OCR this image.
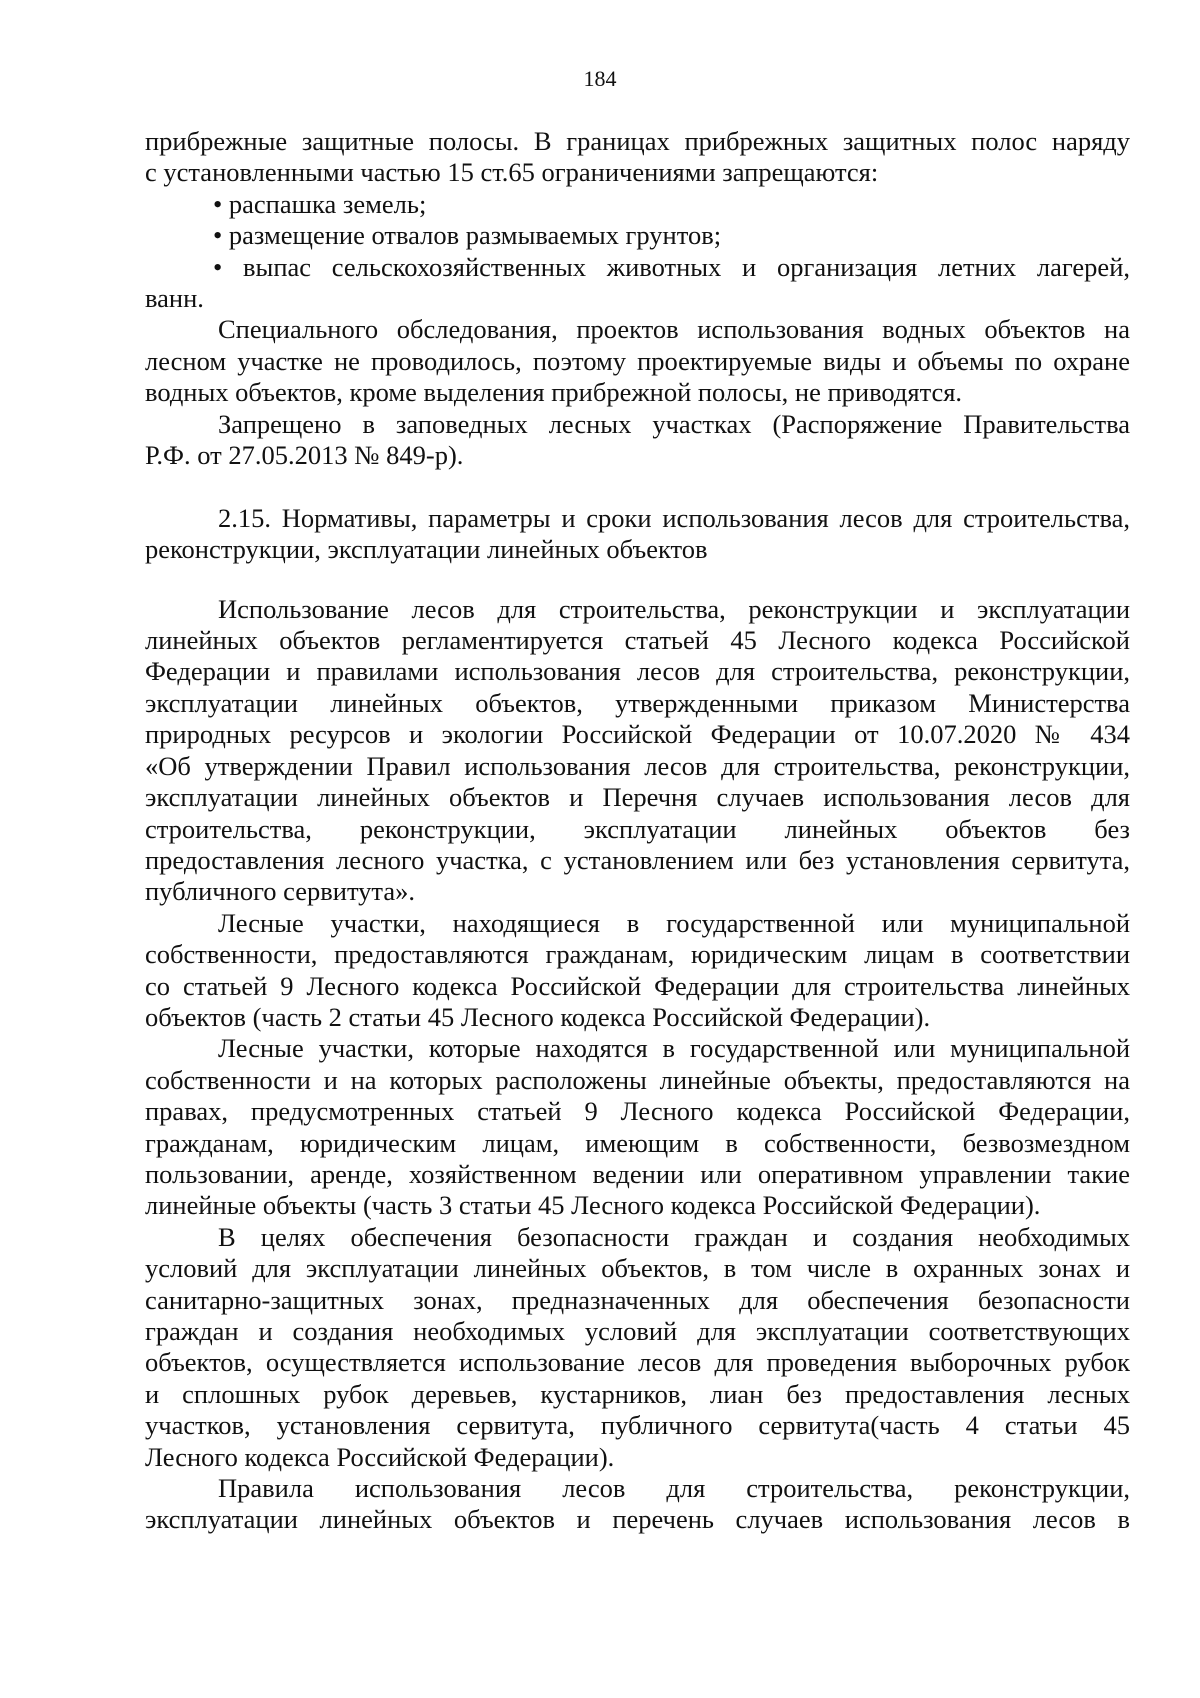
184
прибрежные защитные полосы. В границах прибрежных защитных полос наряду
с установленными частью 15 ст.65 ограничениями запрещаются:
• распашка земель;
• размещение отвалов размываемых грунтов;
• выпас сельскохозяйственных животных и организация летних лагерей,
ванн.
Специального обследования, проектов использования водных объектов на
лесном участке не проводилось, поэтому проектируемые виды и объемы по охране
водных объектов, кроме выделения прибрежной полосы, не приводятся.
Запрещено в заповедных лесных участках (Распоряжение Правительства
Р.Ф. от 27.05.2013 № 849-р).
2.15. Нормативы, параметры и сроки использования лесов для строительства,
реконструкции, эксплуатации линейных объектов
Использование лесов для строительства, реконструкции и эксплуатации
линейных объектов регламентируется статьей 45 Лесного кодекса Российской
Федерации и правилами использования лесов для строительства, реконструкции,
эксплуатации линейных объектов, утвержденными приказом Министерства
природных ресурсов и экологии Российской Федерации от 10.07.2020 № 434
«Об утверждении Правил использования лесов для строительства, реконструкции,
эксплуатации линейных объектов и Перечня случаев использования лесов для
строительства, реконструкции, эксплуатации линейных объектов без
предоставления лесного участка, с установлением или без установления сервитута,
публичного сервитута».
Лесные участки, находящиеся в государственной или муниципальной
собственности, предоставляются гражданам, юридическим лицам в соответствии
со статьей 9 Лесного кодекса Российской Федерации для строительства линейных
объектов (часть 2 статьи 45 Лесного кодекса Российской Федерации).
Лесные участки, которые находятся в государственной или муниципальной
собственности и на которых расположены линейные объекты, предоставляются на
правах, предусмотренных статьей 9 Лесного кодекса Российской Федерации,
гражданам, юридическим лицам, имеющим в собственности, безвозмездном
пользовании, аренде, хозяйственном ведении или оперативном управлении такие
линейные объекты (часть 3 статьи 45 Лесного кодекса Российской Федерации).
В целях обеспечения безопасности граждан и создания необходимых
условий для эксплуатации линейных объектов, в том числе в охранных зонах и
санитарно-защитных зонах, предназначенных для обеспечения безопасности
граждан и создания необходимых условий для эксплуатации соответствующих
объектов, осуществляется использование лесов для проведения выборочных рубок
и сплошных рубок деревьев, кустарников, лиан без предоставления лесных
участков, установления сервитута, публичного сервитута(часть 4 статьи 45
Лесного кодекса Российской Федерации).
Правила использования лесов для строительства, реконструкции,
эксплуатации линейных объектов и перечень случаев использования лесов в
